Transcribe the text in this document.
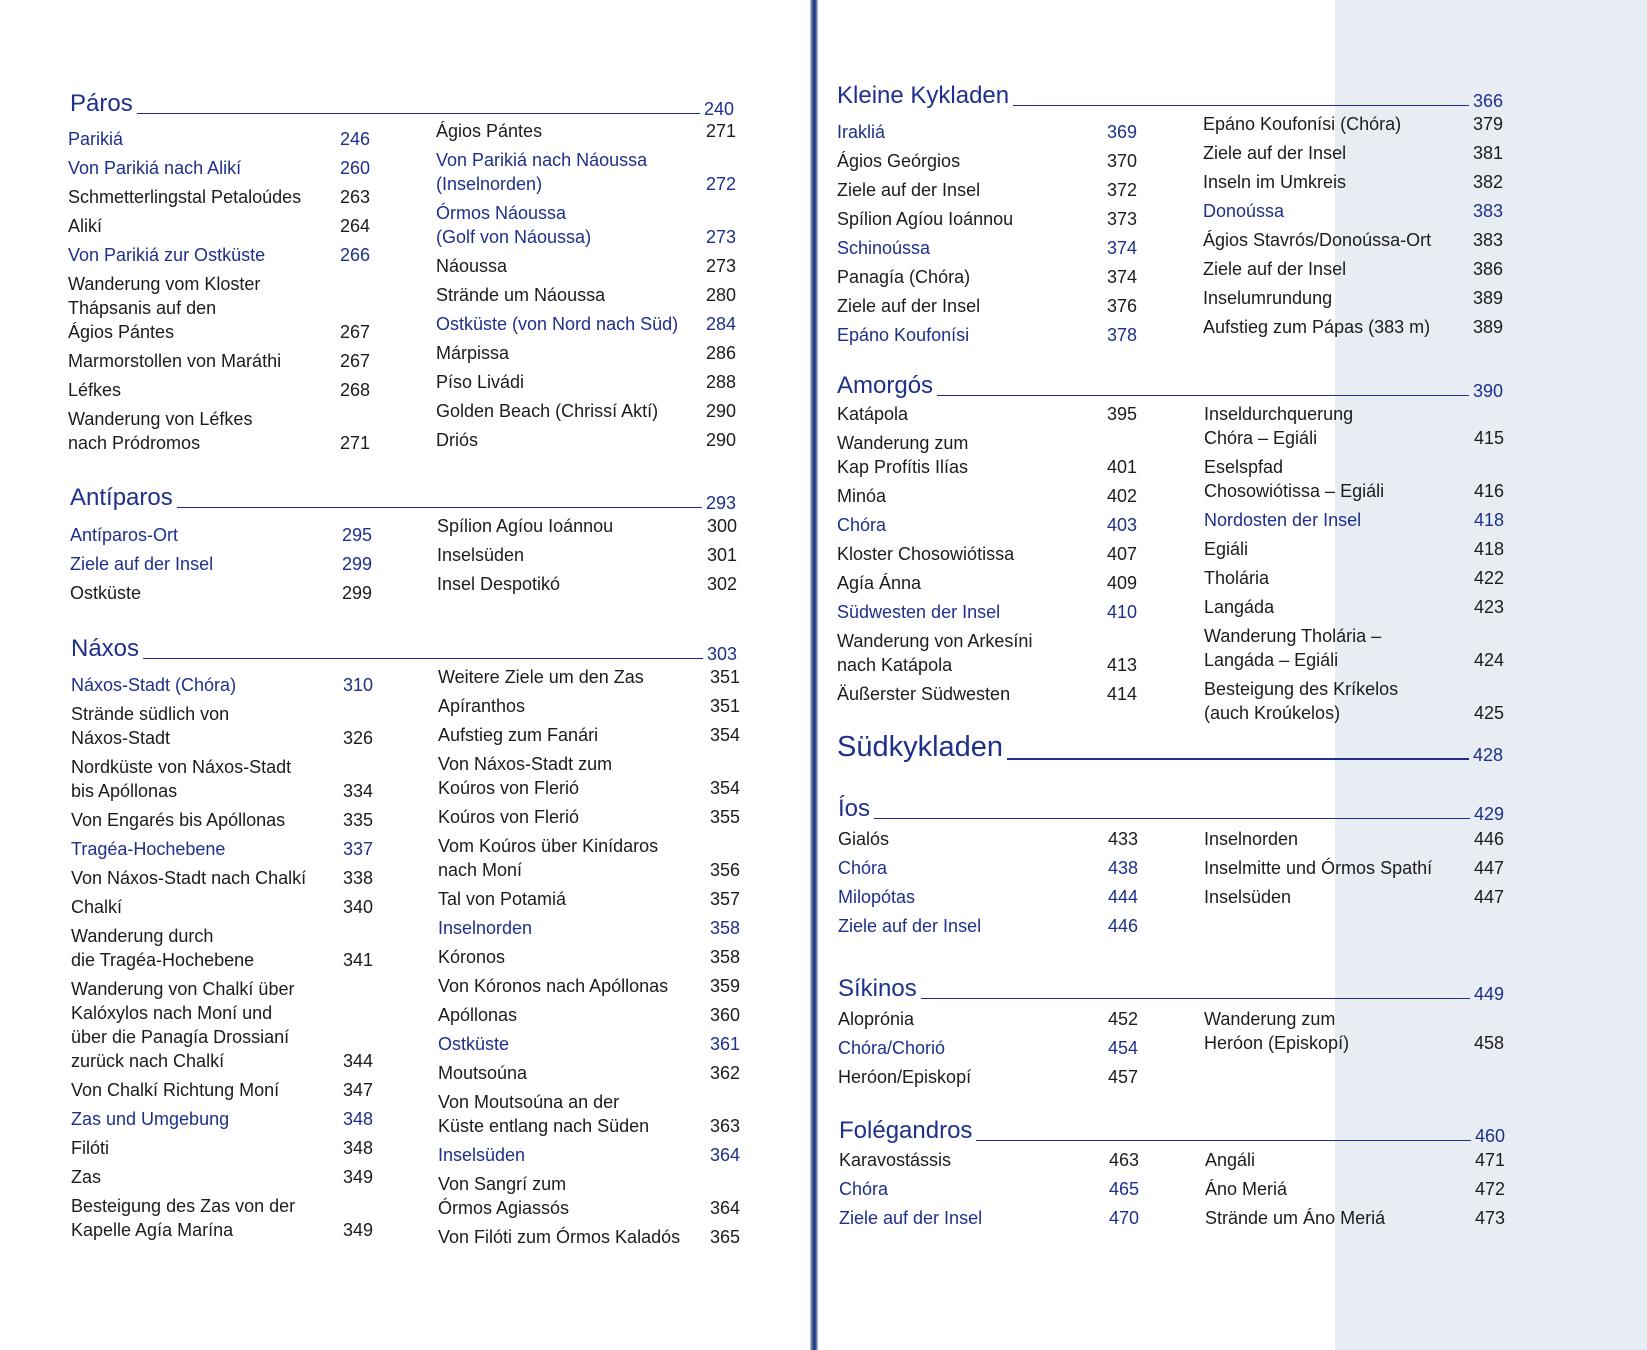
Páros	240
Parikiá	246
Von Parikiá nach Alikí	260
Schmetterlingstal Petaloúdes	263
Alikí	264
Von Parikiá zur Ostküste	266
Wanderung vom Kloster
Thápsanis auf den
Ágios Pántes	267
Marmorstollen von Maráthi	267
Léfkes	268
Wanderung von Léfkes
nach Pródromos	271
Ágios Pántes	271
Von Parikiá nach Náoussa
(Inselnorden)	272
Órmos Náoussa
(Golf von Náoussa)	273
Náoussa	273
Strände um Náoussa	280
Ostküste (von Nord nach Süd)	284
Márpissa	286
Píso Livádi	288
Golden Beach (Chrissí Aktí)	290
Driós	290
Antíparos	293
Antíparos-Ort	295
Ziele auf der Insel	299
Ostküste	299
Spílion Agíou Ioánnou	300
Inselsüden	301
Insel Despotikó	302
Náxos	303
Náxos-Stadt (Chóra)	310
Strände südlich von
Náxos-Stadt	326
Nordküste von Náxos-Stadt
bis Apóllonas	334
Von Engarés bis Apóllonas	335
Tragéa-Hochebene	337
Von Náxos-Stadt nach Chalkí	338
Chalkí	340
Wanderung durch
die Tragéa-Hochebene	341
Wanderung von Chalkí über
Kalóxylos nach Moní und
über die Panagía Drossianí
zurück nach Chalkí	344
Von Chalkí Richtung Moní	347
Zas und Umgebung	348
Filóti	348
Zas	349
Besteigung des Zas von der
Kapelle Agía Marína	349
Weitere Ziele um den Zas	351
Apíranthos	351
Aufstieg zum Fanári	354
Von Náxos-Stadt zum
Koúros von Flerió	354
Koúros von Flerió	355
Vom Koúros über Kinídaros
nach Moní	356
Tal von Potamiá	357
Inselnorden	358
Kóronos	358
Von Kóronos nach Apóllonas	359
Apóllonas	360
Ostküste	361
Moutsoúna	362
Von Moutsoúna an der
Küste entlang nach Süden	363
Inselsüden	364
Von Sangrí zum
Órmos Agiassós	364
Von Filóti zum Órmos Kaladós	365
Kleine Kykladen	366
Irakliá	369
Ágios Geórgios	370
Ziele auf der Insel	372
Spílion Agíou Ioánnou	373
Schinoússa	374
Panagía (Chóra)	374
Ziele auf der Insel	376
Epáno Koufonísi	378
Epáno Koufonísi (Chóra)	379
Ziele auf der Insel	381
Inseln im Umkreis	382
Donoússa	383
Ágios Stavrós/Donoússa-Ort	383
Ziele auf der Insel	386
Inselumrundung	389
Aufstieg zum Pápas (383 m)	389
Amorgós	390
Katápola	395
Wanderung zum
Kap Profítis Ilías	401
Minóa	402
Chóra	403
Kloster Chosowiótissa	407
Agía Ánna	409
Südwesten der Insel	410
Wanderung von Arkesíni
nach Katápola	413
Äußerster Südwesten	414
Inseldurchquerung
Chóra – Egiáli	415
Eselspfad
Chosowiótissa – Egiáli	416
Nordosten der Insel	418
Egiáli	418
Tholária	422
Langáda	423
Wanderung Tholária –
Langáda – Egiáli	424
Besteigung des Kríkelos
(auch Kroúkelos)	425
Südkykladen	428
Íos	429
Gialós	433
Chóra	438
Milopótas	444
Ziele auf der Insel	446
Inselnorden	446
Inselmitte und Órmos Spathí	447
Inselsüden	447
Síkinos	449
Aloprónia	452
Chóra/Chorió	454
Heróon/Episkopí	457
Wanderung zum
Heróon (Episkopí)	458
Folégandros	460
Karavostássis	463
Chóra	465
Ziele auf der Insel	470
Angáli	471
Áno Meriá	472
Strände um Áno Meriá	473
